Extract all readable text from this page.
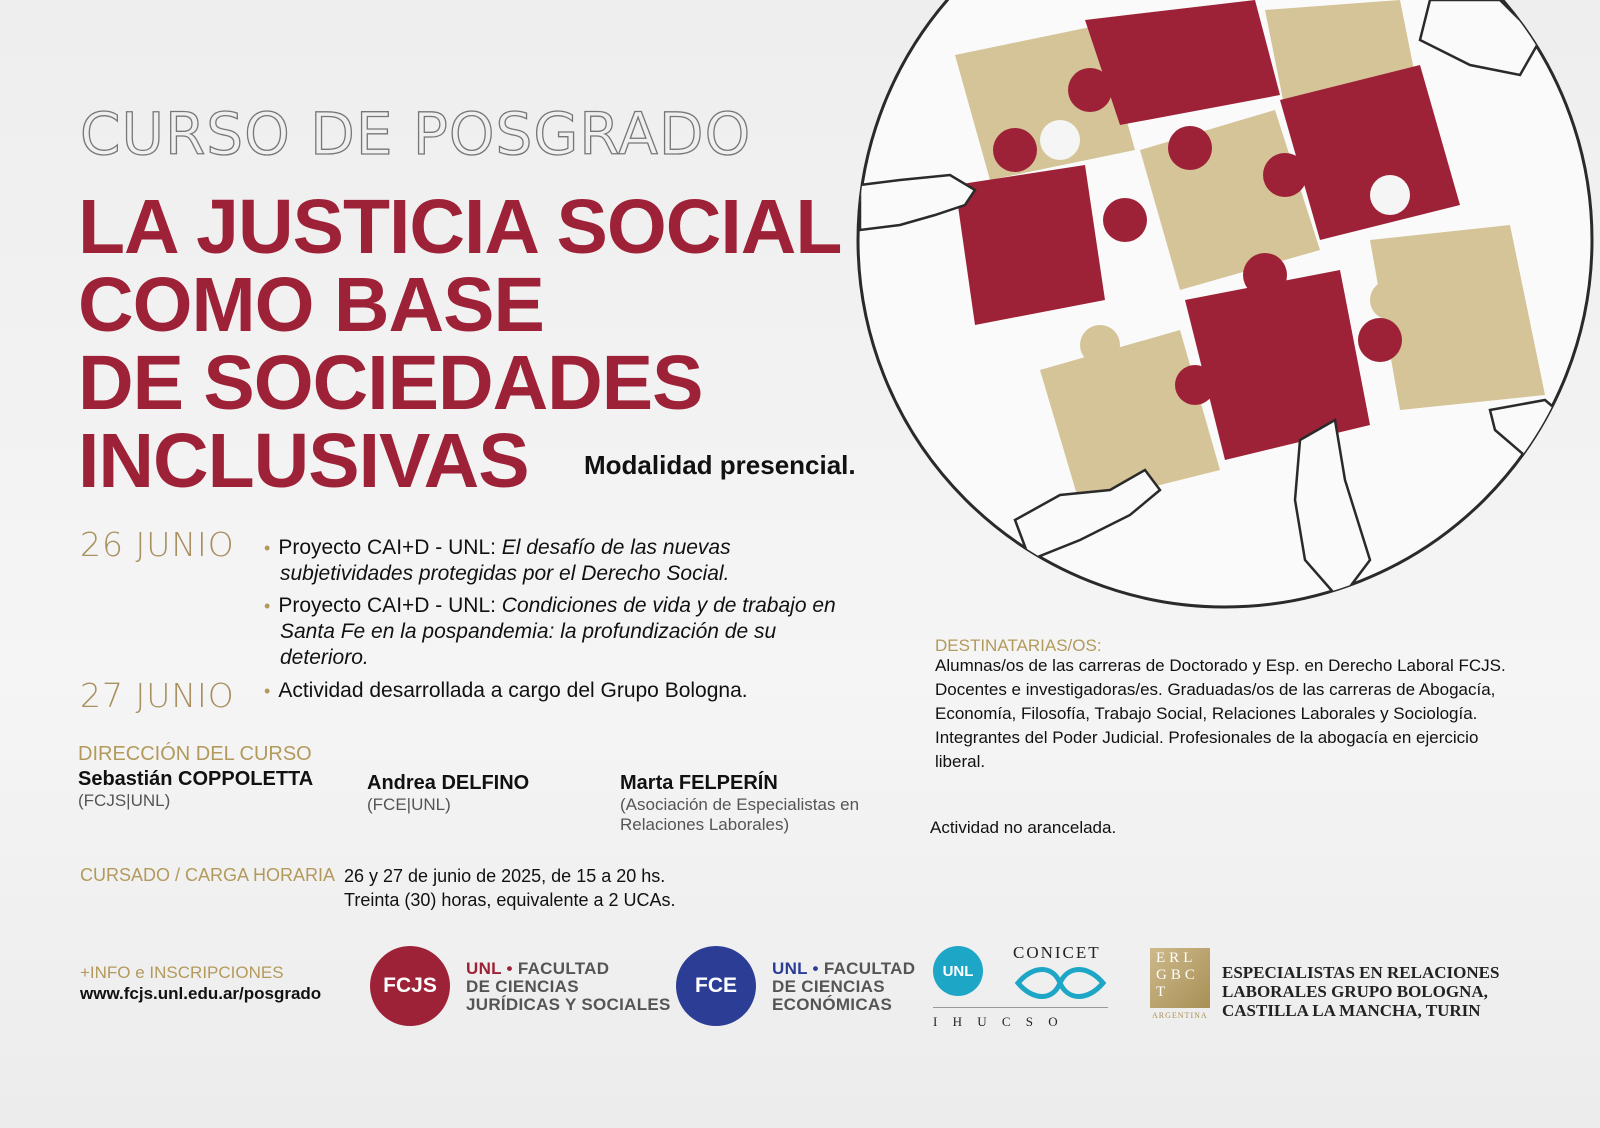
CURSO DE POSGRADO
LA JUSTICIA SOCIAL
COMO BASE
DE SOCIEDADES
INCLUSIVAS	Modalidad presencial.
26 JUNIO • Proyecto CAI+D - UNL: El desafío de las nuevas subjetividades protegidas por el Derecho Social.
• Proyecto CAI+D - UNL: Condiciones de vida y de trabajo en Santa Fe en la pospandemia: la profundización de su deterioro.
27 JUNIO • Actividad desarrollada a cargo del Grupo Bologna.
DIRECCIÓN DEL CURSO
Sebastián COPPOLETTA
(FCJS|UNL)
Andrea DELFINO
(FCE|UNL)
Marta FELPERÍN
(Asociación de Especialistas en Relaciones Laborales)
CURSADO / CARGA HORARIA 26 y 27 de junio de 2025, de 15 a 20 hs.
Treinta (30) horas, equivalente a 2 UCAs.
DESTINATARIAS/OS:
Alumnas/os de las carreras de Doctorado y Esp. en Derecho Laboral FCJS. Docentes e investigadoras/es. Graduadas/os de las carreras de Abogacía, Economía, Filosofía, Trabajo Social, Relaciones Laborales y Sociología. Integrantes del Poder Judicial. Profesionales de la abogacía en ejercicio liberal.
Actividad no arancelada.
+INFO e INSCRIPCIONES
www.fcjs.unl.edu.ar/posgrado	FCJS
UNL • FACULTAD
DE CIENCIAS
JURÍDICAS Y SOCIALES
FCE
UNL • FACULTAD
DE CIENCIAS
ECONÓMICAS
UNL
CONICET
I H U C S O
ERL
GBC
T
ARGENTINA
ESPECIALISTAS EN RELACIONES
LABORALES GRUPO BOLOGNA,
CASTILLA LA MANCHA, TURIN
